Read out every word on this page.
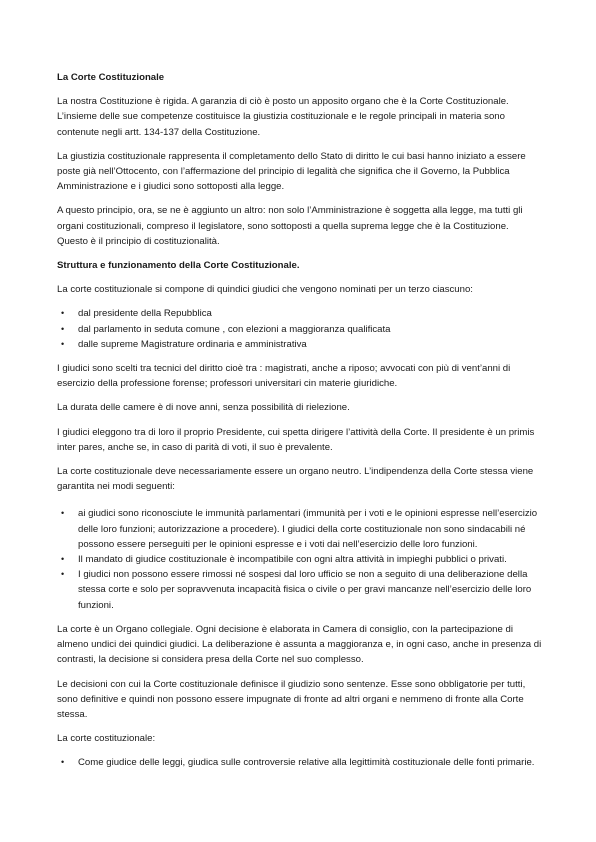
La Corte Costituzionale

La nostra Costituzione è rigida. A garanzia di ciò è posto un apposito organo che è la Corte Costituzionale. L’insieme delle sue competenze costituisce la giustizia costituzionale e le regole principali in materia sono contenute negli artt. 134-137 della Costituzione.

La giustizia costituzionale rappresenta il completamento dello Stato di diritto le cui basi hanno iniziato a essere poste già nell’Ottocento, con l’affermazione del principio di legalità che significa che il Governo, la Pubblica Amministrazione e i giudici sono sottoposti alla legge.

A questo principio, ora, se ne è aggiunto un altro: non solo l’Amministrazione è soggetta alla legge, ma tutti gli organi costituzionali, compreso il legislatore, sono sottoposti a quella suprema legge che è la Costituzione. Questo è il principio di costituzionalità.

Struttura e funzionamento della Corte Costituzionale.

La corte costituzionale si compone di quindici giudici che vengono nominati per un terzo ciascuno:

• dal presidente della Repubblica
• dal parlamento in seduta comune , con elezioni a maggioranza qualificata
• dalle supreme Magistrature ordinaria e amministrativa

I giudici sono scelti tra tecnici del diritto cioè tra : magistrati, anche a riposo; avvocati con più di vent’anni di esercizio della professione forense; professori universitari cin materie giuridiche.

La durata delle camere è di nove anni, senza possibilità di rielezione.

I giudici eleggono tra di loro il proprio Presidente, cui spetta dirigere l’attività della Corte. Il presidente è un primis inter pares, anche se, in caso di parità di voti, il suo è prevalente.

La corte costituzionale deve necessariamente essere un organo neutro. L’indipendenza della Corte stessa viene garantita nei modi seguenti:

• ai giudici sono riconosciute le immunità parlamentari (immunità per i voti e le opinioni espresse nell’esercizio delle loro funzioni; autorizzazione a procedere). I giudici della corte costituzionale non sono sindacabili né possono essere perseguiti per le opinioni espresse e i voti dai nell’esercizio delle loro funzioni.
• Il mandato di giudice costituzionale è incompatibile con ogni altra attività in impieghi pubblici o privati.
• I giudici non possono essere rimossi né sospesi dal loro ufficio se non a seguito di una deliberazione della stessa corte e solo per sopravvenuta incapacità fisica o civile o per gravi mancanze nell’esercizio delle loro funzioni.

La corte è un Organo collegiale. Ogni decisione è elaborata in Camera di consiglio, con la partecipazione di almeno undici dei quindici giudici. La deliberazione è assunta a maggioranza e, in ogni caso, anche in presenza di contrasti, la decisione si considera presa della Corte nel suo complesso.

Le decisioni con cui la Corte costituzionale definisce il giudizio sono sentenze. Esse sono obbligatorie per tutti, sono definitive e quindi non possono essere impugnate di fronte ad altri organi e nemmeno di fronte alla Corte stessa.

La corte costituzionale:

• Come giudice delle leggi, giudica sulle controversie relative alla legittimità costituzionale delle fonti primarie.
